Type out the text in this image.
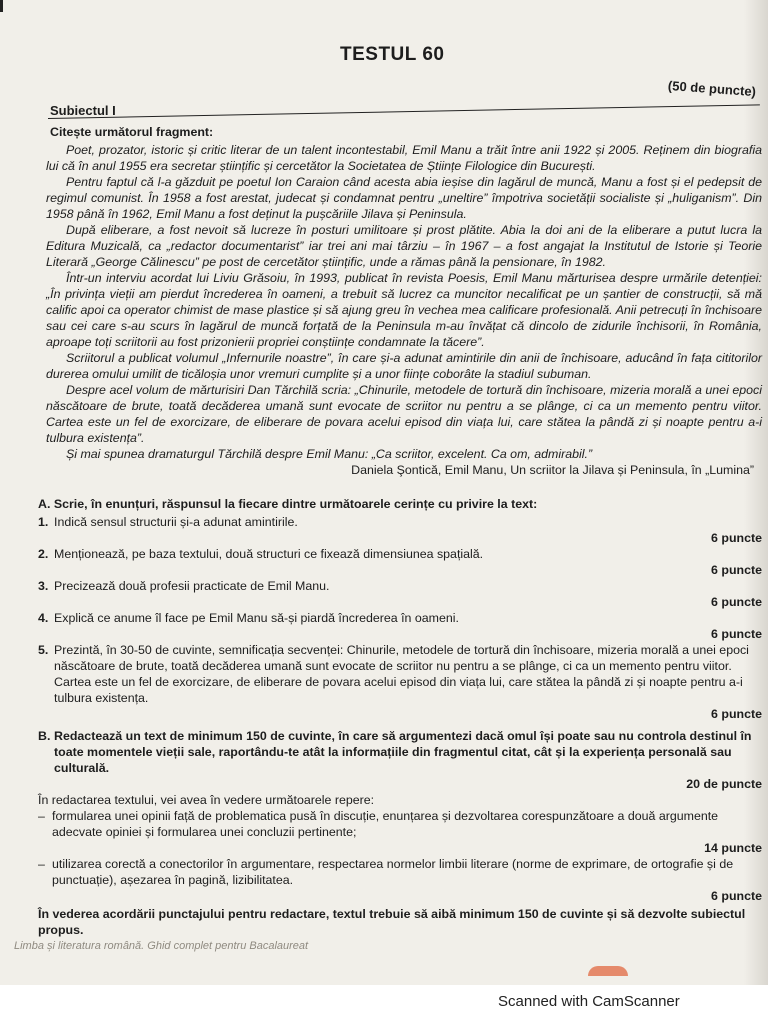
TESTUL 60
(50 de puncte)
Subiectul I
Citește următorul fragment:

Poet, prozator, istoric și critic literar de un talent incontestabil, Emil Manu a trăit între anii 1922 și 2005. Reținem din biografia lui că în anul 1955 era secretar științific și cercetător la Societatea de Științe Filologice din București.

Pentru faptul că l-a găzduit pe poetul Ion Caraion când acesta abia ieșise din lagărul de muncă, Manu a fost și el pedepsit de regimul comunist. În 1958 a fost arestat, judecat și condamnat pentru „uneltire” împotriva societății socialiste și „huliganism”. Din 1958 până în 1962, Emil Manu a fost deținut la pușcăriile Jilava și Peninsula.

După eliberare, a fost nevoit să lucreze în posturi umilitoare și prost plătite. Abia la doi ani de la eliberare a putut lucra la Editura Muzicală, ca „redactor documentarist” iar trei ani mai târziu – în 1967 – a fost angajat la Institutul de Istorie și Teorie Literară „George Călinescu” pe post de cercetător științific, unde a rămas până la pensionare, în 1982.

Într-un interviu acordat lui Liviu Grăsoiu, în 1993, publicat în revista Poesis, Emil Manu mărturisea despre urmările detenției: „În privința vieții am pierdut încrederea în oameni, a trebuit să lucrez ca muncitor necalificat pe un șantier de construcții, să mă calific apoi ca operator chimist de mase plastice și să ajung greu în vechea mea calificare profesională. Anii petrecuți în închisoare sau cei care s-au scurs în lagărul de muncă forțată de la Peninsula m-au învățat că dincolo de zidurile închisorii, în România, aproape toți scriitorii au fost prizonierii propriei conștiințe condamnate la tăcere”.

Scriitorul a publicat volumul „Infernurile noastre”, în care și-a adunat amintirile din anii de închisoare, aducând în fața cititorilor durerea omului umilit de ticăloșia unor vremuri cumplite și a unor ființe coborâte la stadiul subuman.

Despre acel volum de mărturisiri Dan Tărchilă scria: „Chinurile, metodele de tortură din închisoare, mizeria morală a unei epoci născătoare de brute, toată decăderea umană sunt evocate de scriitor nu pentru a se plânge, ci ca un memento pentru viitor. Cartea este un fel de exorcizare, de eliberare de povara acelui episod din viața lui, care stătea la pândă zi și noapte pentru a-i tulbura existența”.

Și mai spunea dramaturgul Tărchilă despre Emil Manu: „Ca scriitor, excelent. Ca om, admirabil.”

Daniela Şontică, Emil Manu, Un scriitor la Jilava și Peninsula, în „Lumina”
A. Scrie, în enunțuri, răspunsul la fiecare dintre următoarele cerințe cu privire la text:
1. Indică sensul structurii și-a adunat amintirile.
6 puncte
2. Menționează, pe baza textului, două structuri ce fixează dimensiunea spațială.
6 puncte
3. Precizează două profesii practicate de Emil Manu.
6 puncte
4. Explică ce anume îl face pe Emil Manu să-și piardă încrederea în oameni.
6 puncte
5. Prezintă, în 30-50 de cuvinte, semnificația secvenței: Chinurile, metodele de tortură din închisoare, mizeria morală a unei epoci născătoare de brute, toată decăderea umană sunt evocate de scriitor nu pentru a se plânge, ci ca un memento pentru viitor. Cartea este un fel de exorcizare, de eliberare de povara acelui episod din viața lui, care stătea la pândă zi și noapte pentru a-i tulbura existența.
6 puncte
B. Redactează un text de minimum 150 de cuvinte, în care să argumentezi dacă omul își poate sau nu controla destinul în toate momentele vieții sale, raportându-te atât la informațiile din fragmentul citat, cât și la experiența personală sau culturală.
20 de puncte
În redactarea textului, vei avea în vedere următoarele repere:
– formularea unei opinii față de problematica pusă în discuție, enunțarea și dezvoltarea corespunzătoare a două argumente adecvate opiniei și formularea unei concluzii pertinente;
14 puncte
– utilizarea corectă a conectorilor în argumentare, respectarea normelor limbii literare (norme de exprimare, de ortografie și de punctuație), așezarea în pagină, lizibilitatea.
6 puncte
În vederea acordării punctajului pentru redactare, textul trebuie să aibă minimum 150 de cuvinte și să dezvolte subiectul propus.
Limba și literatura română. Ghid complet pentru Bacalaureat
Scanned with CamScanner
